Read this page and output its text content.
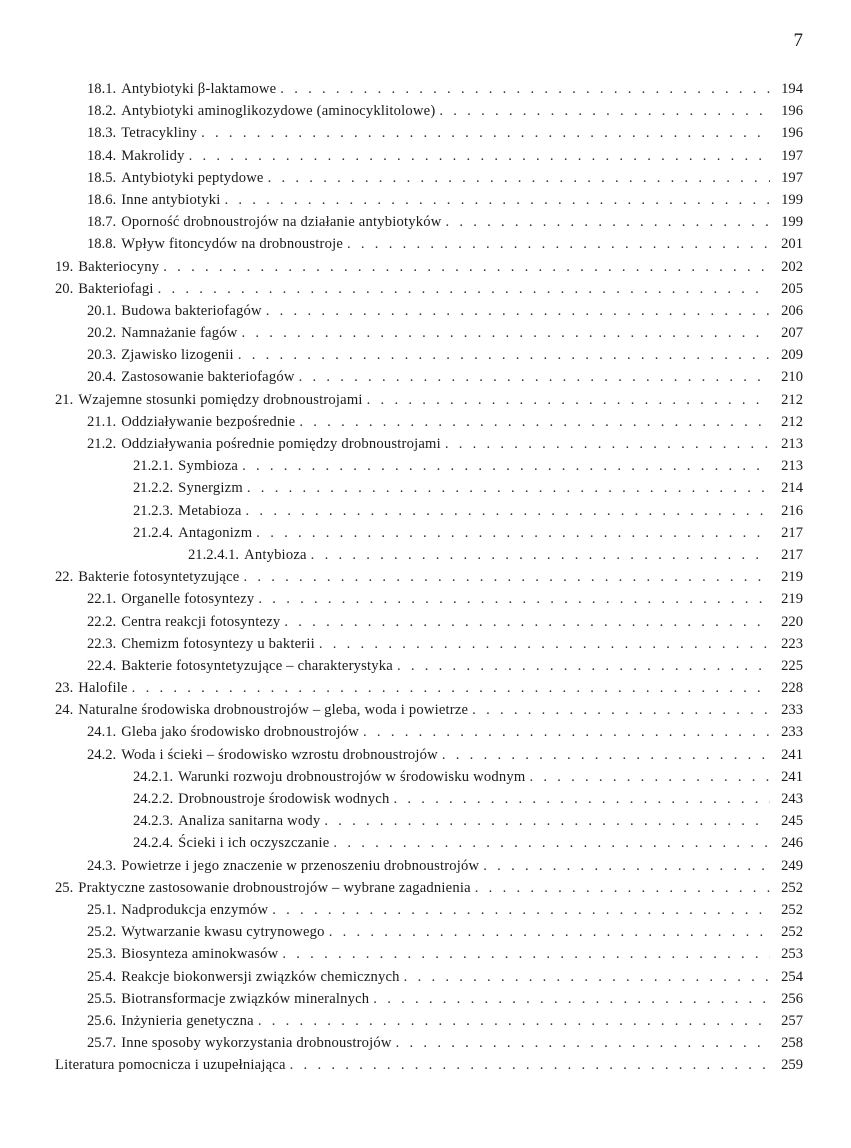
7
18.1. Antybiotyki β-laktamowe . . .	194
18.2. Antybiotyki aminoglikozydowe (aminocyklitolowe) . . .	196
18.3. Tetracykliny . . .	196
18.4. Makrolidy . . .	197
18.5. Antybiotyki peptydowe . . .	197
18.6. Inne antybiotyki . . .	199
18.7. Oporność drobnoustrojów na działanie antybiotyków . . .	199
18.8. Wpływ fitoncydów na drobnoustroje . . .	201
19. Bakteriocyny . . .	202
20. Bakteriofagi . . .	205
20.1. Budowa bakteriofagów . . .	206
20.2. Namnażanie fagów . . .	207
20.3. Zjawisko lizogenii . . .	209
20.4. Zastosowanie bakteriofagów . . .	210
21. Wzajemne stosunki pomiędzy drobnoustrojami . . .	212
21.1. Oddziaływanie bezpośrednie . . .	212
21.2. Oddziaływania pośrednie pomiędzy drobnoustrojami . . .	213
21.2.1. Symbioza . . .	213
21.2.2. Synergizm . . .	214
21.2.3. Metabioza . . .	216
21.2.4. Antagonizm . . .	217
21.2.4.1. Antybioza . . .	217
22. Bakterie fotosyntetyzujące . . .	219
22.1. Organelle fotosyntezy . . .	219
22.2. Centra reakcji fotosyntezy . . .	220
22.3. Chemizm fotosyntezy u bakterii . . .	223
22.4. Bakterie fotosyntetyzujące – charakterystyka . . .	225
23. Halofile . . .	228
24. Naturalne środowiska drobnoustrojów – gleba, woda i powietrze . . .	233
24.1. Gleba jako środowisko drobnoustrojów . . .	233
24.2. Woda i ścieki – środowisko wzrostu drobnoustrojów . . .	241
24.2.1. Warunki rozwoju drobnoustrojów w środowisku wodnym . . .	241
24.2.2. Drobnoustroje środowisk wodnych . . .	243
24.2.3. Analiza sanitarna wody . . .	245
24.2.4. Ścieki i ich oczyszczanie . . .	246
24.3. Powietrze i jego znaczenie w przenoszeniu drobnoustrojów . . .	249
25. Praktyczne zastosowanie drobnoustrojów – wybrane zagadnienia . . .	252
25.1. Nadprodukcja enzymów . . .	252
25.2. Wytwarzanie kwasu cytrynowego . . .	252
25.3. Biosynteza aminokwasów . . .	253
25.4. Reakcje biokonwersji związków chemicznych . . .	254
25.5. Biotransformacje związków mineralnych . . .	256
25.6. Inżynieria genetyczna . . .	257
25.7. Inne sposoby wykorzystania drobnoustrojów . . .	258
Literatura pomocnicza i uzupełniająca . . .	259
